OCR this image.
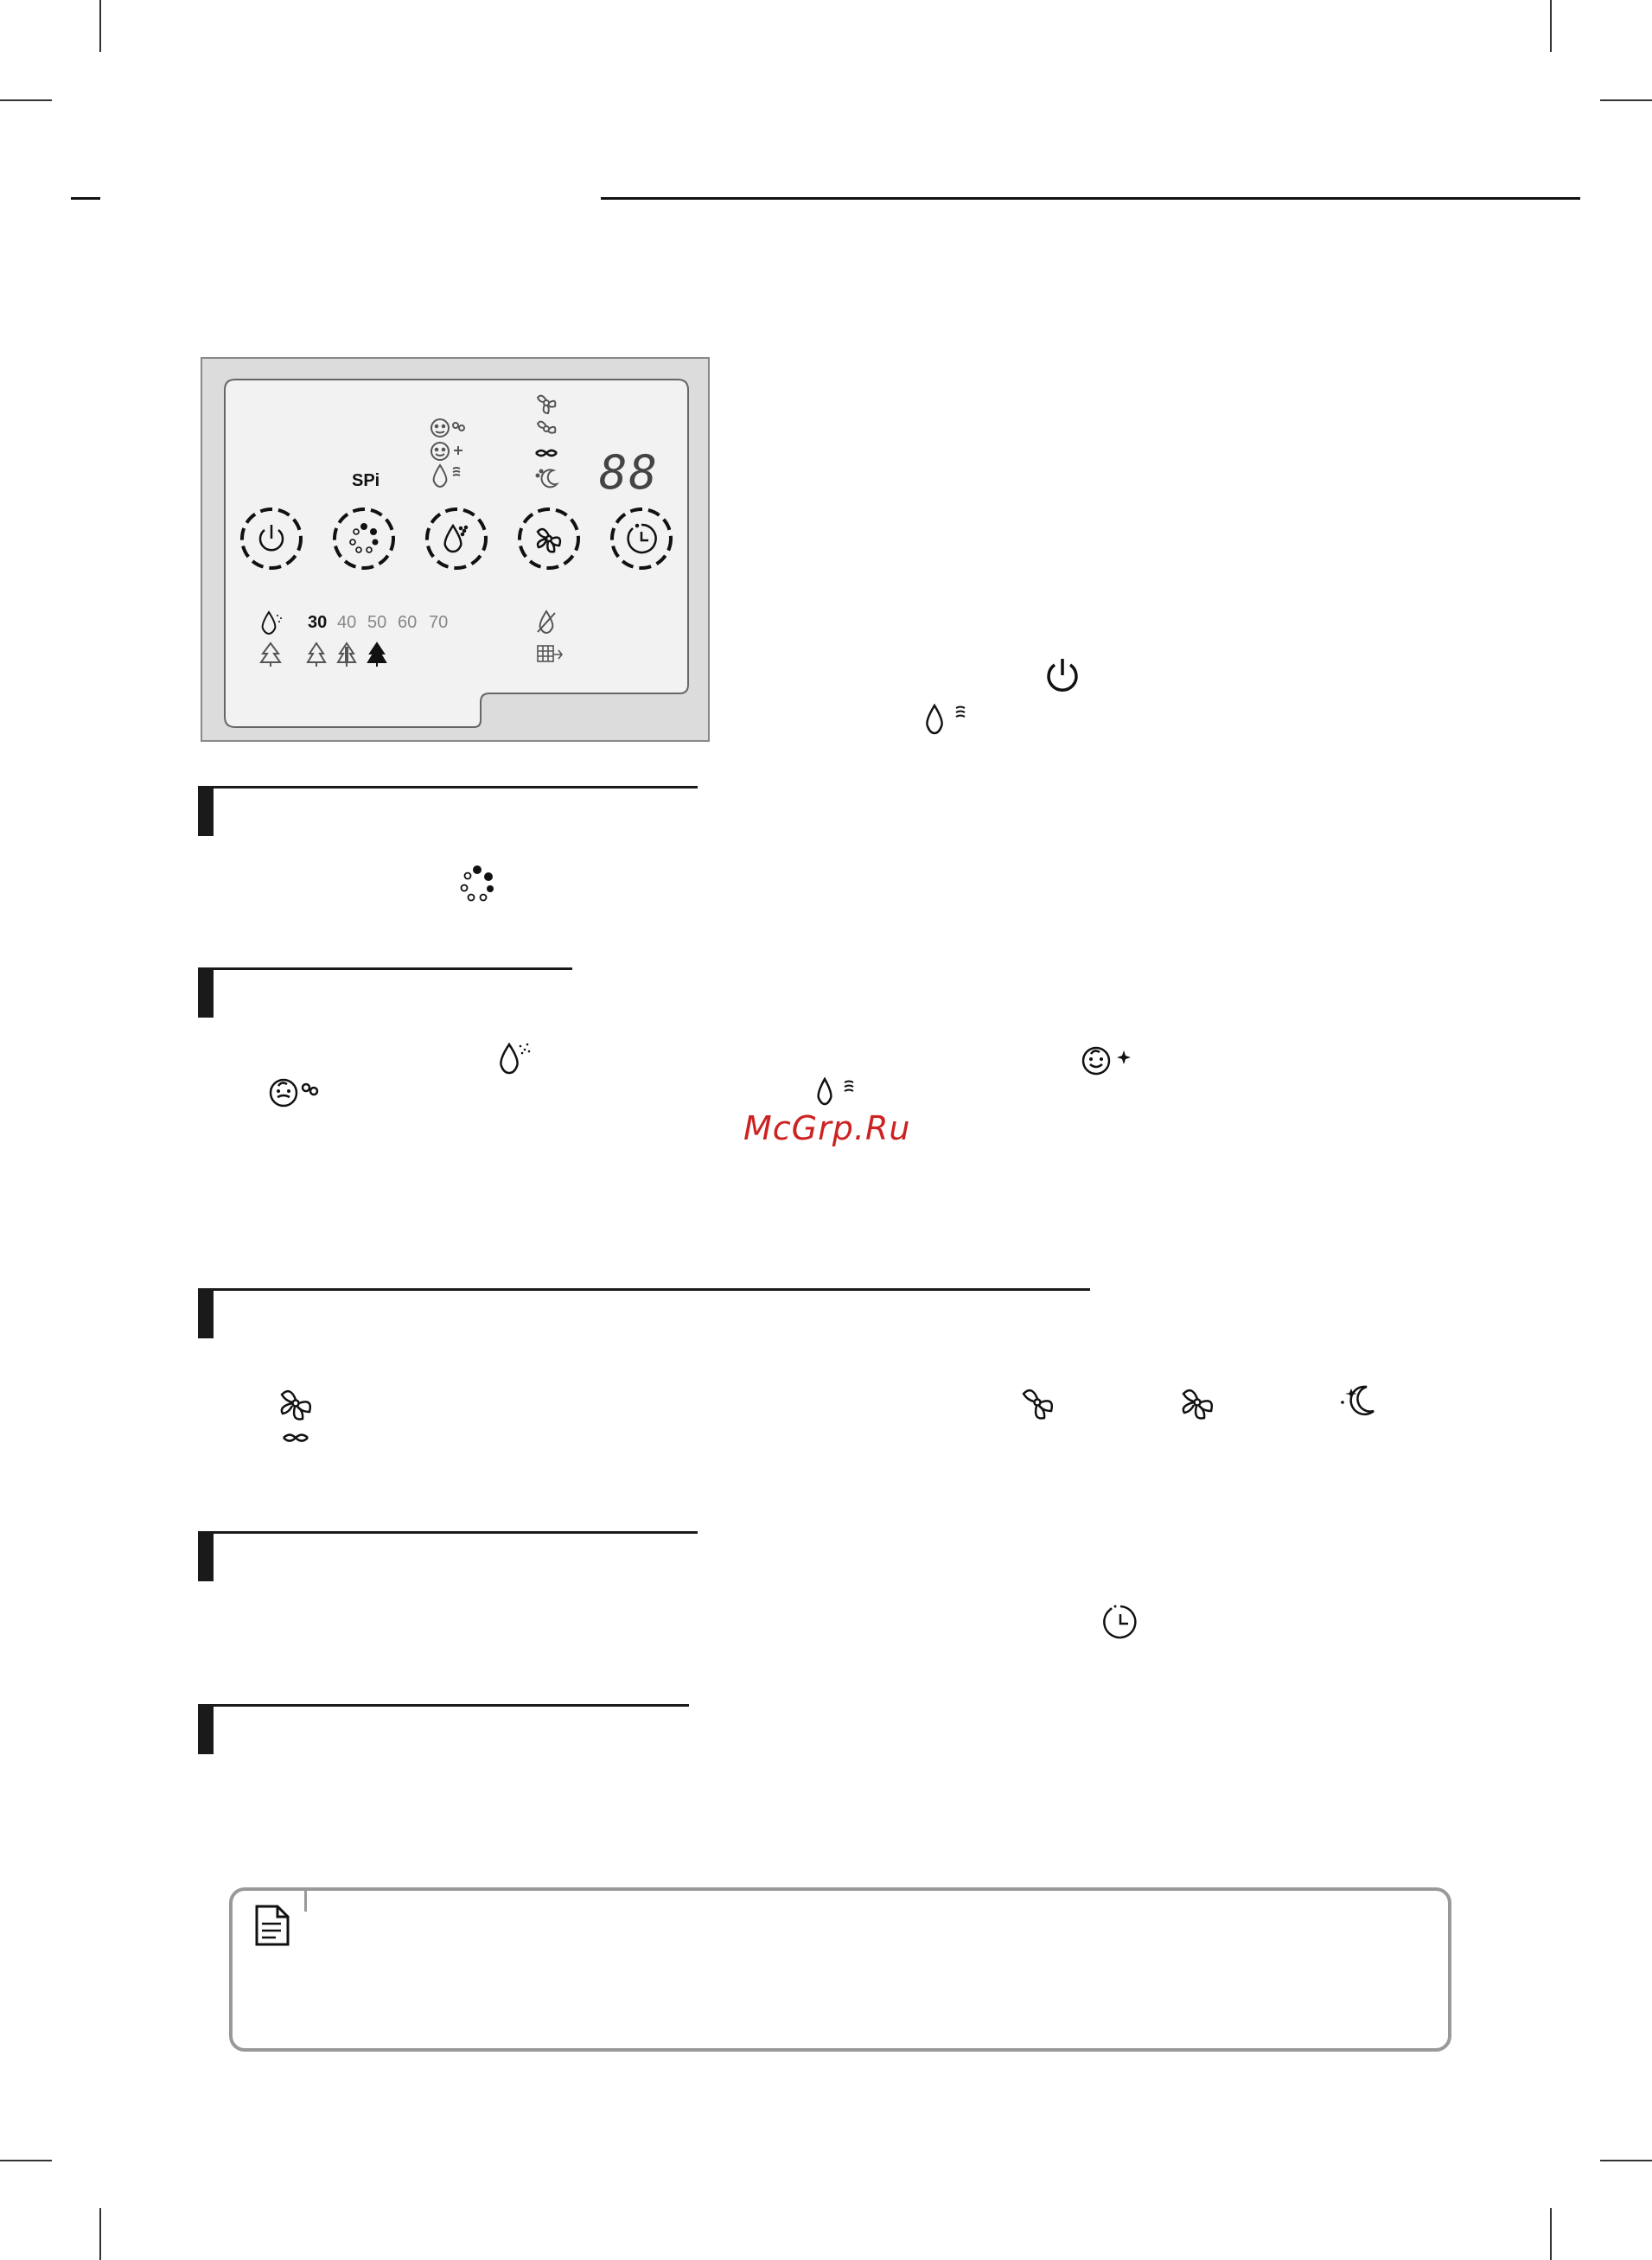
SPi	88
30 40 50 60 70
McGrp.Ru
